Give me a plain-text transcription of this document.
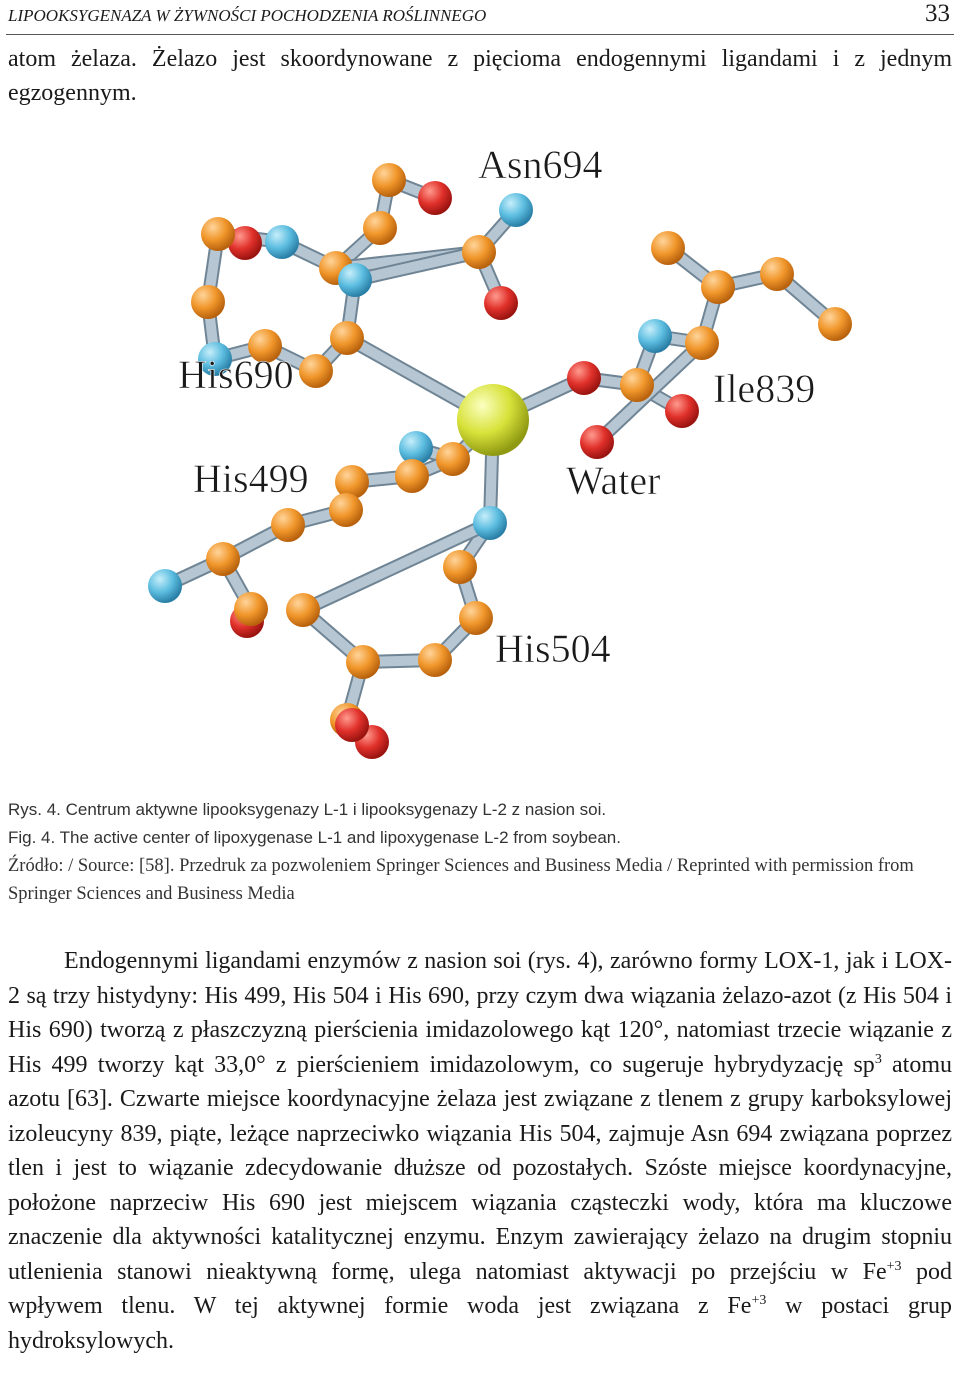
LIPOOKSYGENAZA W ŻYWNOŚCI POCHODZENIA ROŚLINNEGO	33
atom żelaza. Żelazo jest skoordynowane z pięcioma endogennymi ligandami i z jednym egzogennym.
Asn694
His690	Ile839
His499	Water
His504

Rys. 4. Centrum aktywne lipooksygenazy L-1 i lipooksygenazy L-2 z nasion soi.

Fig. 4. The active center of lipoxygenase L-1 and lipoxygenase L-2 from soybean.

Źródło: / Source: [58]. Przedruk za pozwoleniem Springer Sciences and Business Media / Reprinted with permission from Springer Sciences and Business Media

Endogennymi ligandami enzymów z nasion soi (rys. 4), zarówno formy LOX-1, jak i LOX-2 są trzy histydyny: His 499, His 504 i His 690, przy czym dwa wiązania żelazo-azot (z His 504 i His 690) tworzą z płaszczyzną pierścienia imidazolowego kąt 120°, natomiast trzecie wiązanie z His 499 tworzy kąt 33,0° z pierścieniem imidazolowym, co sugeruje hybrydyzację $sp^3$ atomu azotu [63]. Czwarte miejsce koordynacyjne żelaza jest związane z tlenem z grupy karboksylowej izoleucyny 839, piąte, leżące naprzeciwko wiązania His 504, zajmuje Asn 694 związana poprzez tlen i jest to wiązanie zdecydowanie dłuższe od pozostałych. Szóste miejsce koordynacyjne, położone naprzeciw His 690 jest miejscem wiązania cząsteczki wody, która ma kluczowe znaczenie dla aktywności katalitycznej enzymu. Enzym zawierający żelazo na drugim stopniu utlenienia stanowi nieaktywną formę, ulega natomiast aktywacji po przejściu w $Fe^{+3}$ pod wpływem tlenu. W tej aktywnej formie woda jest związana z $Fe^{+3}$ w postaci grup hydroksylowych.
